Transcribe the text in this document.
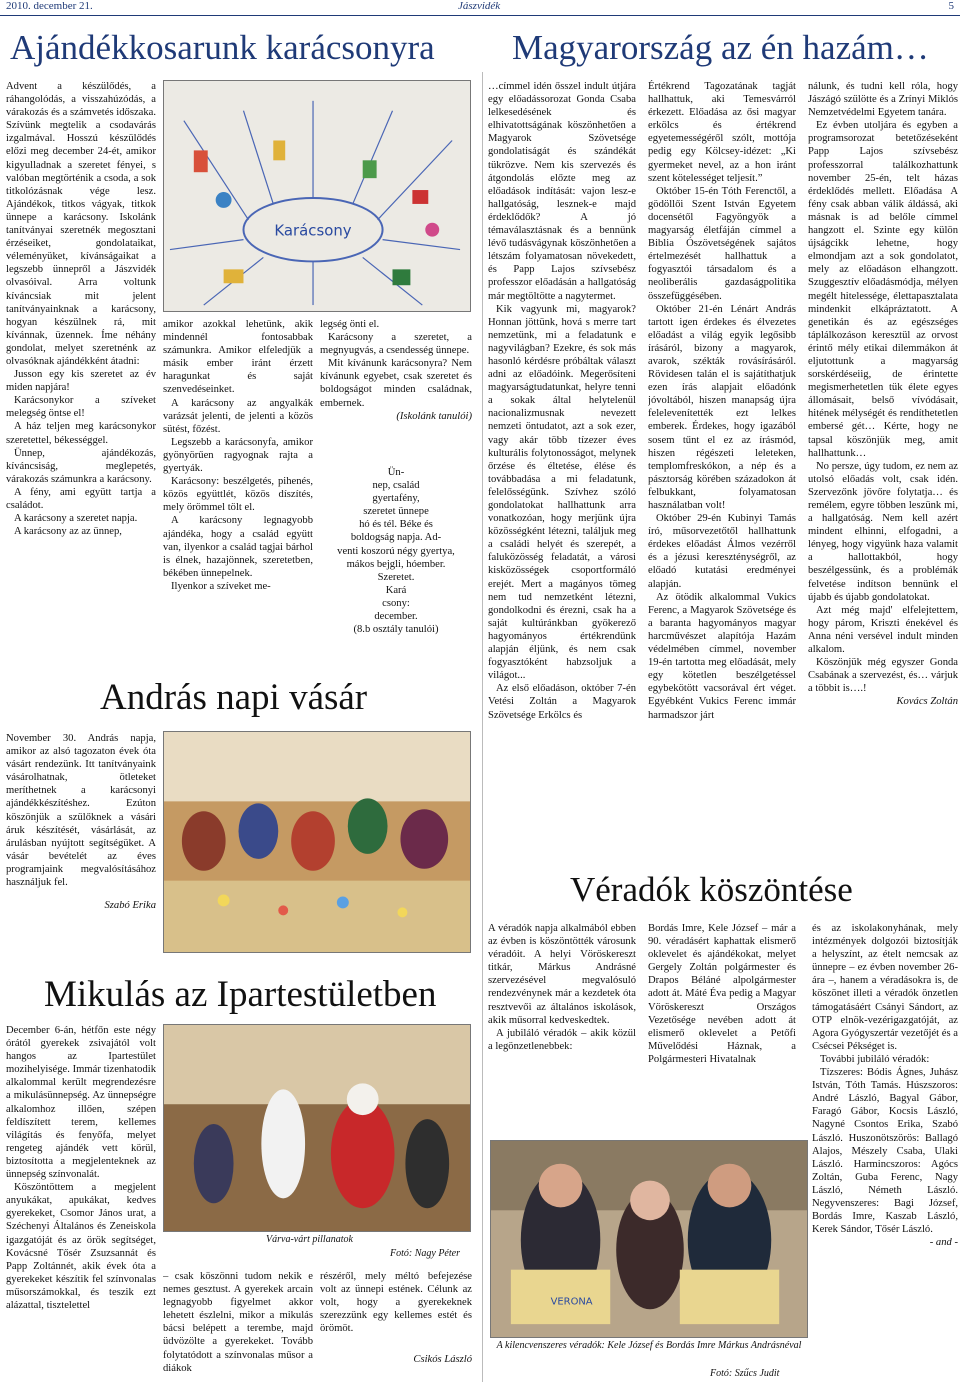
2010. december 21.	Jászvidék	5
Ajándékkosarunk karácsonyra Magyarország az én hazám…
András napi vásár
Mikulás az Ipartestületben
Véradók köszöntése
Karácsony
Várva-várt pillanatok
Fotó: Nagy Péter
VERONA
A kilencvenszeres véradók: Kele József és Bordás Imre Márkus Andrásnéval
Fotó: Szűcs Judit

Advent a készülődés, a ráhangolódás, a visszahúzódás, a várakozás és a számvetés időszaka. Szívünk megtelik a csodavárás izgalmával. Hosszú készülődés előzi meg december 24-ét, amikor kigyulladnak a szeretet fényei, s valóban megtörténik a csoda, a sok titkolózásnak vége lesz. Ajándékok, titkos vágyak, titkok ünnepe a karácsony. Iskolánk tanítványai szeretnék megosztani érzéseiket, gondolataikat, véleményüket, kívánságaikat a legszebb ünnepről a Jászvidék olvasóival. Arra voltunk kíváncsiak mit jelent tanítványainknak a karácsony, hogyan készülnek rá, mit kívánnak, üzennek. Íme néhány gondolat, melyet szeretnénk az olvasóknak ajándékként átadni:

Jusson egy kis szeretet az év miden napjára!

Karácsonykor a szíveket melegség öntse el!

A ház teljen meg karácsonykor szeretettel, békességgel.

Ünnep, ajándékozás, kíváncsiság, meglepetés, várakozás számunkra a karácsony.

A fény, ami együtt tartja a családot.

A karácsony a szeretet napja.

A karácsony az az ünnep,

amikor azokkal lehetünk, akik mindennél fontosabbak számunkra. Amikor elfeledjük a másik ember iránt érzett haragunkat és saját szenvedéseinket.

A karácsony az angyalkák varázsát jelenti, de jelenti a közös sütést, főzést.

Legszebb a karácsonyfa, amikor gyönyörűen ragyognak rajta a gyertyák.

Karácsony: beszélgetés, pihenés, közös együttlét, közös díszítés, mely örömmel tölt el.

A karácsony legnagyobb ajándéka, hogy a család együtt van, ilyenkor a család tagjai bárhol is élnek, hazajönnek, szeretetben, békében ünnepelnek.

Ilyenkor a szíveket me-

legség önti el.

Karácsony a szeretet, a megnyugvás, a csendesség ünnepe.

Mit kívánunk karácsonyra? Nem kívánunk egyebet, csak szeretet és boldogságot minden családnak, embernek.

(Iskolánk tanulói)

Ün-

nep, család

gyertafény,

szeretet ünnepe

hó és tél. Béke és

boldogság napja. Ad-

venti koszorú négy gyertya,

mákos bejgli, hóember.

Szeretet.

Kará

csony:

december.

(8.b osztály tanulói)

November 30. András napja, amikor az alsó tagozaton évek óta vásárt rendezünk. Itt tanítványaink vásárolhatnak, ötleteket meríthetnek a karácsonyi ajándékkészítéshez. Ezúton köszönjük a szülőknek a vásári áruk készítését, vásárlását, az árulásban nyújtott segítségüket. A vásár bevételét az éves programjaink megvalósításához használjuk fel.

Szabó Erika

December 6-án, hétfőn este négy órától gyerekek zsivajától volt hangos az Ipartestület mozihelyisége. Immár tizenhatodik alkalommal került megrendezésre a mikulásünnepség. Az ünnepségre alkalomhoz illően, szépen feldíszített terem, kellemes világítás és fenyőfa, melyet rengeteg ajándék vett körül, biztosította a megjelenteknek az ünnepség színvonalát.

Köszöntöttem a megjelent anyukákat, apukákat, kedves gyerekeket, Csomor János urat, a Széchenyi Általános és Zeneiskola igazgatóját és az örök segítséget, Kovácsné Tősér Zsuzsannát és Papp Zoltánnét, akik évek óta a gyerekeket készítik fel színvonalas műsorszámokkal, és teszik ezt alázattal, tisztelettel

– csak köszönni tudom nekik e nemes gesztust. A gyerekek arcain legnagyobb figyelmet akkor lehetett észlelni, mikor a mikulás bácsi belépett a terembe, majd üdvözölte a gyerekeket. Tovább folytatódott a színvonalas műsor a diákok

részéről, mely méltó befejezése volt az ünnepi estének. Célunk az volt, hogy a gyerekeknek szerezzünk egy kellemes estét és örömöt.

Csikós László

…címmel idén ősszel indult útjára egy előadássorozat Gonda Csaba lelkesedésének és elhivatottságának köszönhetően a Magyarok Szövetsége gondolatiságát és szándékát tükrözve. Nem kis szervezés és átgondolás előzte meg az előadások indítását: vajon lesz-e hallgatóság, lesznek-e majd érdeklődők? A jó témaválasztásnak és a bennünk lévő tudásvágynak köszönhetően a létszám folyamatosan növekedett, és Papp Lajos szívsebész professzor előadásán a hallgatóság már megtöltötte a nagytermet.

Kik vagyunk mi, magyarok? Honnan jöttünk, hová s merre tart nemzetünk, mi a feladatunk e nagyvilágban? Ezekre, és sok más hasonló kérdésre próbáltak választ adni az előadóink. Megerősíteni magyarságtudatunkat, helyre tenni a sokak által helytelenül nacionalizmusnak nevezett nemzeti öntudatot, azt a sok ezer, vagy akár több tízezer éves kulturális folytonosságot, melynek őrzése és éltetése, élése és továbbadása a mi feladatunk, felelősségünk. Szívhez szóló gondolatokat hallhattunk arra vonatkozóan, hogy merjünk újra közösségként létezni, találjuk meg a családi helyét és szerepét, a faluközösség feladatát, a városi kisközösségek csoportformáló erejét. Mert a magányos tömeg nem tud nemzetként létezni, gondolkodni és érezni, csak ha a saját kultúránkban gyökerező hagyományos értékrendünk alapján éljünk, és nem csak fogyasztóként habzsoljuk a világot...

Az első előadáson, október 7-én Vetési Zoltán a Magyarok Szövetsége Erkölcs és

Értékrend Tagozatának tagját hallhattuk, aki Temesvárról érkezett. Előadása az ősi magyar erkölcs és értékrend egyetemességéről szólt, mottója pedig egy Kölcsey-idézet: „Ki gyermeket nevel, az a hon iránt szent kötelességet teljesít.”

Október 15-én Tóth Ferenctől, a gödöllői Szent István Egyetem docensétől Fagyöngyök a magyarság életfáján címmel a Biblia Ószövetségének sajátos értelmezését hallhattuk a fogyasztói társadalom és a neoliberális gazdaságpolitika összefüggésében.

Október 21-én Lénárt András tartott igen érdekes és élvezetes előadást a világ egyik legősibb írásáról, bizony a magyarok, avarok, székták rovásírásáról. Rövidesen talán el is sajátíthatjuk ezen írás alapjait előadónk jóvoltából, hiszen manapság újra felelevenítették ezt lelkes emberek. Érdekes, hogy igazából sosem tűnt el ez az írásmód, hiszen régészeti leleteken, templomfreskókon, a nép és a pásztorság körében századokon át felbukkant, folyamatosan használatban volt!

Október 29-én Kubinyi Tamás író, műsorvezetőtől hallhattunk érdekes előadást Álmos vezérről és a jézusi kereszténységről, az előadó kutatási eredményei alapján.

Az ötödik alkalommal Vukics Ferenc, a Magyarok Szövetsége és a baranta hagyományos magyar harcművészet alapítója Hazám védelmében címmel, november 19-én tartotta meg előadását, mely egy kötetlen beszélgetéssel egybekötött vacsorával ért véget. Egyébként Vukics Ferenc immár harmadszor járt

nálunk, és tudni kell róla, hogy Jászágó szülötte és a Zrínyi Miklós Nemzetvédelmi Egyetem tanára.

Ez évben utoljára és egyben a programsorozat betetőzéseként Papp Lajos szívsebész professzorral találkozhattunk november 25-én, telt házas érdeklődés mellett. Előadása A fény csak abban válik áldássá, aki másnak is ad belőle címmel hangzott el. Szinte egy külön újságcikk lehetne, hogy elmondjam azt a sok gondolatot, mely az előadáson elhangzott. Szuggesztív előadásmódja, mélyen megélt hitelessége, élettapasztalata mindenkit elkápráztatott. A genetikán és az egészséges táplálkozáson keresztül az orvost érintő mély etikai dilemmákon át eljutottunk a magyarság sorskérdéseiig, de érintette megismerhetetlen tük élete egyes állomásait, belső vívódásait, hitének mélységét és rendíthetetlen embersé gét… Kérte, hogy ne tapsal köszönjük meg, amit hallhattunk…

No persze, úgy tudom, ez nem az utolsó előadás volt, csak idén. Szervezőnk jövőre folytatja… és remélem, egyre többen leszünk mi, a hallgatóság. Nem kell azért mindent elhinni, elfogadni, a lényeg, hogy vigyünk haza valamit a hallottakból, hogy beszélgessünk, és a problémák felvetése indítson bennünk el újabb és újabb gondolatokat.

Azt még majd' elfelejtettem, hogy párom, Kriszti énekével és Anna néni versével indult minden alkalom.

Köszönjük még egyszer Gonda Csabának a szervezést, és… várjuk a többit is….!

Kovács Zoltán

A véradók napja alkalmából ebben az évben is köszöntötték városunk véradóit. A helyi Vöröskereszt titkár, Márkus Andrásné szervezésével megvalósuló rendezvénynek már a kezdetek óta resztvevői az általános iskolások, akik műsorral kedveskedtek.

A jubiláló véradók – akik közül a legönzetlenebbek:

Bordás Imre, Kele József – már a 90. véradásért kaphattak elismerő oklevelet és ajándékokat, melyet Gergely Zoltán polgármester és Drapos Béláné alpolgármester adott át. Máté Éva pedig a Magyar Vöröskereszt Országos Vezetősége nevében adott át elismerő oklevelet a Petőfi Művelődési Háznak, a Polgármesteri Hivatalnak

és az iskolakonyhának, mely intézmények dolgozói biztosítják a helyszínt, az ételt nemcsak az ünnepre – ez évben november 26-ára –, hanem a véradásokra is, de köszönet illeti a véradók önzetlen támogatásáért Csányi Sándort, az OTP elnök-vezérigazgatóját, az Agora Gyógyszertár vezetőjét és a Csécsei Pékséget is.

További jubiláló véradók:

Tízszeres: Bódis Ágnes, Juhász István, Tóth Tamás. Húszszoros: André László, Bagyal Gábor, Faragó Gábor, Kocsis László, Nagyné Csontos Erika, Szabó László. Huszonötszörös: Ballagó Alajos, Mészely Csaba, Ulaki László. Harmincszoros: Agócs Zoltán, Guba Ferenc, Nagy László, Németh László. Negyvenszeres: Bagi József, Bordás Imre, Kaszab László, Kerek Sándor, Tősér László.

- and -
